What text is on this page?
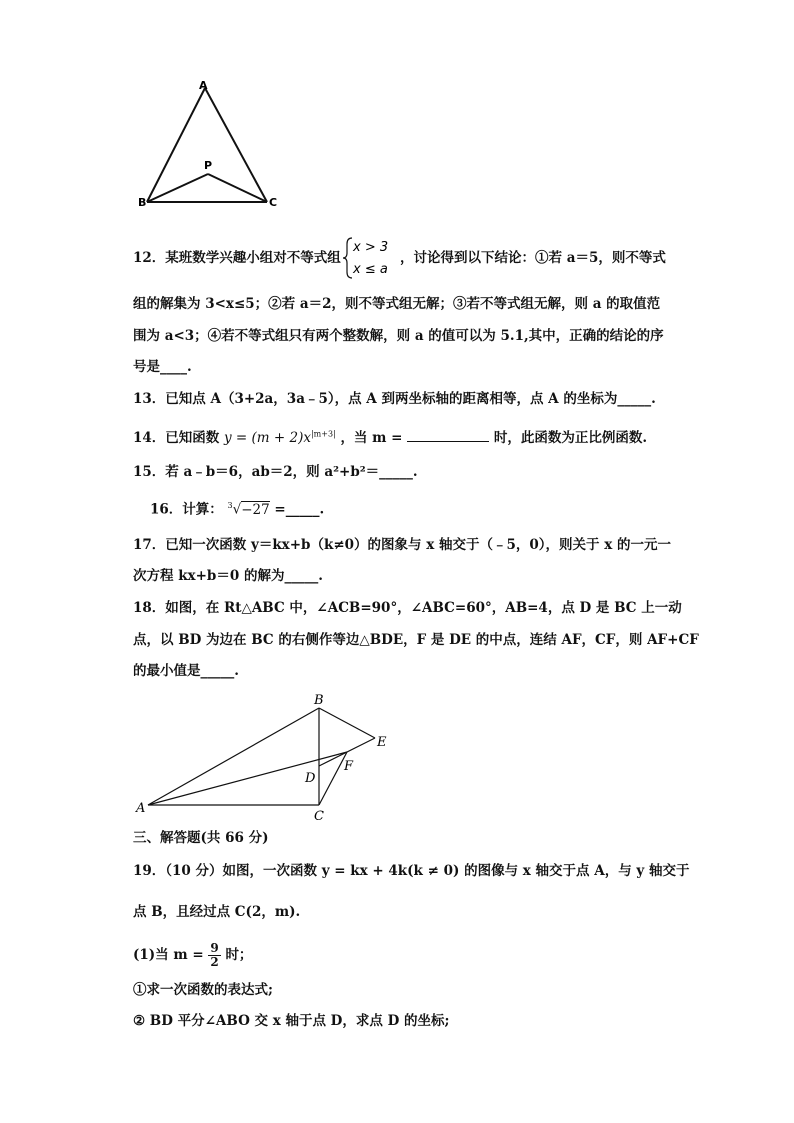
A
P
B	C
12．某班数学兴趣小组对不等式组
x > 3
x ≤ a
，讨论得到以下结论：①若 a＝5，则不等式
组的解集为 3<x≤5；②若 a＝2，则不等式组无解；③若不等式组无解，则 a 的取值范
围为 a<3；④若不等式组只有两个整数解，则 a 的值可以为 5.1,其中，正确的结论的序
号是____.
13．已知点 A（3+2a，3a﹣5），点 A 到两坐标轴的距离相等，点 A 的坐标为_____.
14．已知函数 $y = (m + 2)x^{|m+3|}$ ，当 m =	时，此函数为正比例函数.
15．若 a﹣b＝6，ab＝2，则 a²+b²＝_____.
16．计算： $^3$√−27 =_____.
17．已知一次函数 y＝kx+b（k≠0）的图象与 x 轴交于（﹣5，0），则关于 x 的一元一
次方程 kx+b＝0 的解为_____.
18．如图，在 Rt△ABC 中，∠ACB=90°，∠ABC=60°，AB=4，点 D 是 BC 上一动
点，以 BD 为边在 BC 的右侧作等边△BDE，F 是 DE 的中点，连结 AF，CF，则 AF+CF
的最小值是_____.
B
E
D
F
A
C
三、解答题(共 66 分)
19．（10 分）如图，一次函数 y = kx + 4k(k ≠ 0) 的图像与 x 轴交于点 A，与 y 轴交于
点 B，且经过点 C(2，m).
(1)当 $m = \frac{9}{2}$ 时；
①求一次函数的表达式;
② BD 平分∠ABO 交 x 轴于点 D，求点 D 的坐标;
